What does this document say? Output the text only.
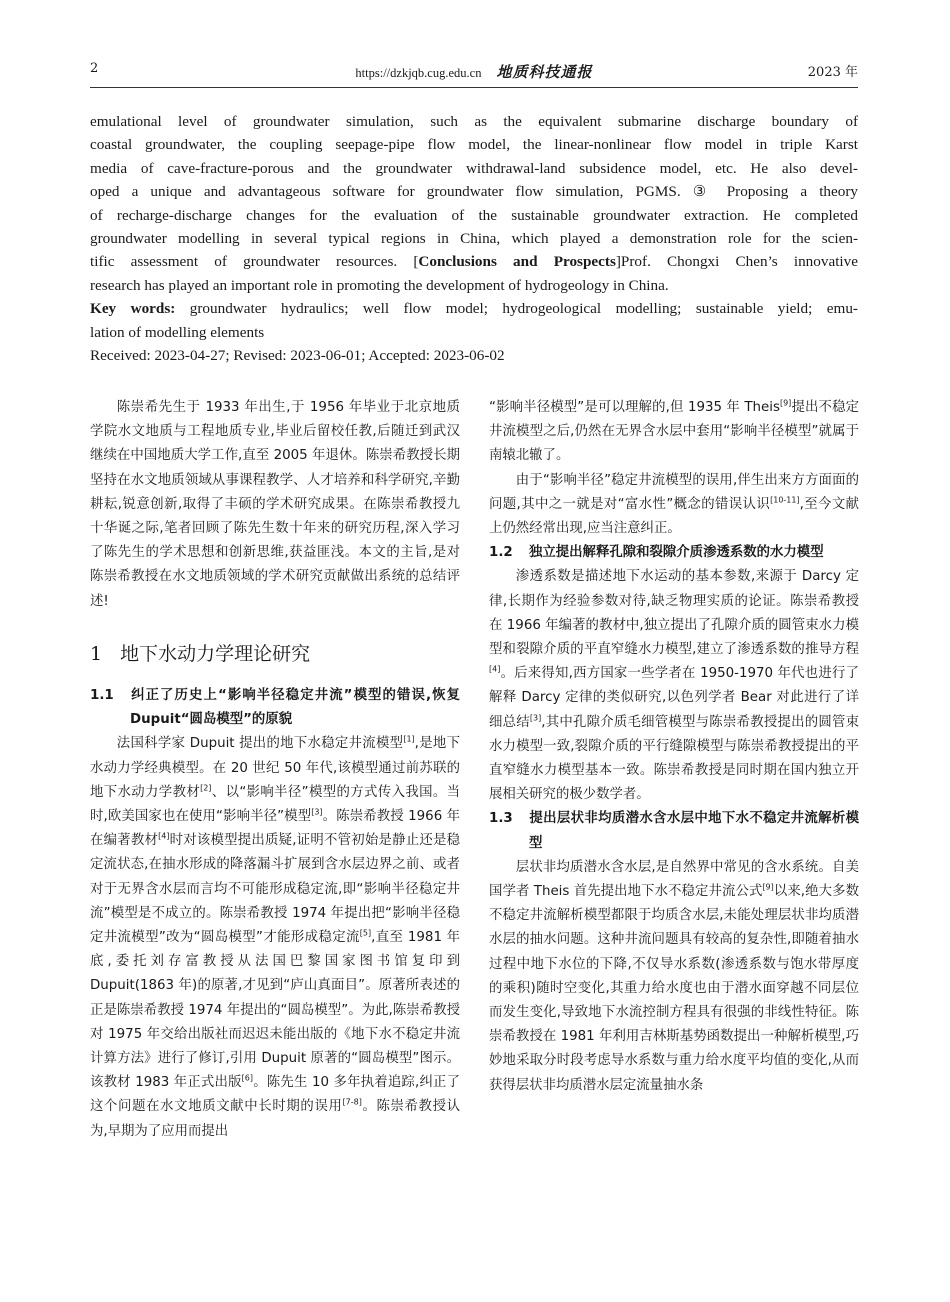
2	https://dzkjqb.cug.edu.cn 地质科技通报	2023 年
emulational level of groundwater simulation, such as the equivalent submarine discharge boundary of
coastal groundwater, the coupling seepage-pipe flow model, the linear-nonlinear flow model in triple Karst
media of cave-fracture-porous and the groundwater withdrawal-land subsidence model, etc. He also devel-
oped a unique and advantageous software for groundwater flow simulation, PGMS. ③ Proposing a theory
of recharge-discharge changes for the evaluation of the sustainable groundwater extraction. He completed
groundwater modelling in several typical regions in China, which played a demonstration role for the scien-
tific assessment of groundwater resources. [Conclusions and Prospects]Prof. Chongxi Chen’s innovative
research has played an important role in promoting the development of hydrogeology in China.
Key words: groundwater hydraulics; well flow model; hydrogeological modelling; sustainable yield; emu-
lation of modelling elements
Received: 2023-04-27; Revised: 2023-06-01; Accepted: 2023-06-02

陈崇希先生于 1933 年出生,于 1956 年毕业于北京地质学院水文地质与工程地质专业,毕业后留校任教,后随迁到武汉继续在中国地质大学工作,直至 2005 年退休。陈崇希教授长期坚持在水文地质领域从事课程教学、人才培养和科学研究,辛勤耕耘,锐意创新,取得了丰硕的学术研究成果。在陈崇希教授九十华诞之际,笔者回顾了陈先生数十年来的研究历程,深入学习了陈先生的学术思想和创新思维,获益匪浅。本文的主旨,是对陈崇希教授在水文地质领域的学术研究贡献做出系统的总结评述!

1 地下水动力学理论研究
1.1 纠正了历史上“影响半径稳定井流”模型的错误,恢复 Dupuit“圆岛模型”的原貌

法国科学家 Dupuit 提出的地下水稳定井流模型[1],是地下水动力学经典模型。在 20 世纪 50 年代,该模型通过前苏联的地下水动力学教材[2]、以“影响半径”模型的方式传入我国。当时,欧美国家也在使用“影响半径”模型[3]。陈崇希教授 1966 年在编著教材[4]时对该模型提出质疑,证明不管初始是静止还是稳定流状态,在抽水形成的降落漏斗扩展到含水层边界之前、或者对于无界含水层而言均不可能形成稳定流,即“影响半径稳定井流”模型是不成立的。陈崇希教授 1974 年提出把“影响半径稳定井流模型”改为“圆岛模型”才能形成稳定流[5],直至 1981 年底,委托刘存富教授从法国巴黎国家图书馆复印到 Dupuit(1863 年)的原著,才见到“庐山真面目”。原著所表述的正是陈崇希教授 1974 年提出的“圆岛模型”。为此,陈崇希教授对 1975 年交给出版社而迟迟未能出版的《地下水不稳定井流计算方法》进行了修订,引用 Dupuit 原著的“圆岛模型”图示。该教材 1983 年正式出版[6]。陈先生 10 多年执着追踪,纠正了这个问题在水文地质文献中长时期的误用[7-8]。陈崇希教授认为,早期为了应用而提出

“影响半径模型”是可以理解的,但 1935 年 Theis[9]提出不稳定井流模型之后,仍然在无界含水层中套用“影响半径模型”就属于南辕北辙了。

由于“影响半径”稳定井流模型的误用,伴生出来方方面面的问题,其中之一就是对“富水性”概念的错误认识[10-11],至今文献上仍然经常出现,应当注意纠正。

1.2 独立提出解释孔隙和裂隙介质渗透系数的水力模型

渗透系数是描述地下水运动的基本参数,来源于 Darcy 定律,长期作为经验参数对待,缺乏物理实质的论证。陈崇希教授在 1966 年编著的教材中,独立提出了孔隙介质的圆管束水力模型和裂隙介质的平直窄缝水力模型,建立了渗透系数的推导方程[4]。后来得知,西方国家一些学者在 1950-1970 年代也进行了解释 Darcy 定律的类似研究,以色列学者 Bear 对此进行了详细总结[3],其中孔隙介质毛细管模型与陈崇希教授提出的圆管束水力模型一致,裂隙介质的平行缝隙模型与陈崇希教授提出的平直窄缝水力模型基本一致。陈崇希教授是同时期在国内独立开展相关研究的极少数学者。

1.3 提出层状非均质潜水含水层中地下水不稳定井流解析模型

层状非均质潜水含水层,是自然界中常见的含水系统。自美国学者 Theis 首先提出地下水不稳定井流公式[9]以来,绝大多数不稳定井流解析模型都限于均质含水层,未能处理层状非均质潜水层的抽水问题。这种井流问题具有较高的复杂性,即随着抽水过程中地下水位的下降,不仅导水系数(渗透系数与饱水带厚度的乘积)随时空变化,其重力给水度也由于潜水面穿越不同层位而发生变化,导致地下水流控制方程具有很强的非线性特征。陈崇希教授在 1981 年利用吉林斯基势函数提出一种解析模型,巧妙地采取分时段考虑导水系数与重力给水度平均值的变化,从而获得层状非均质潜水层定流量抽水条
